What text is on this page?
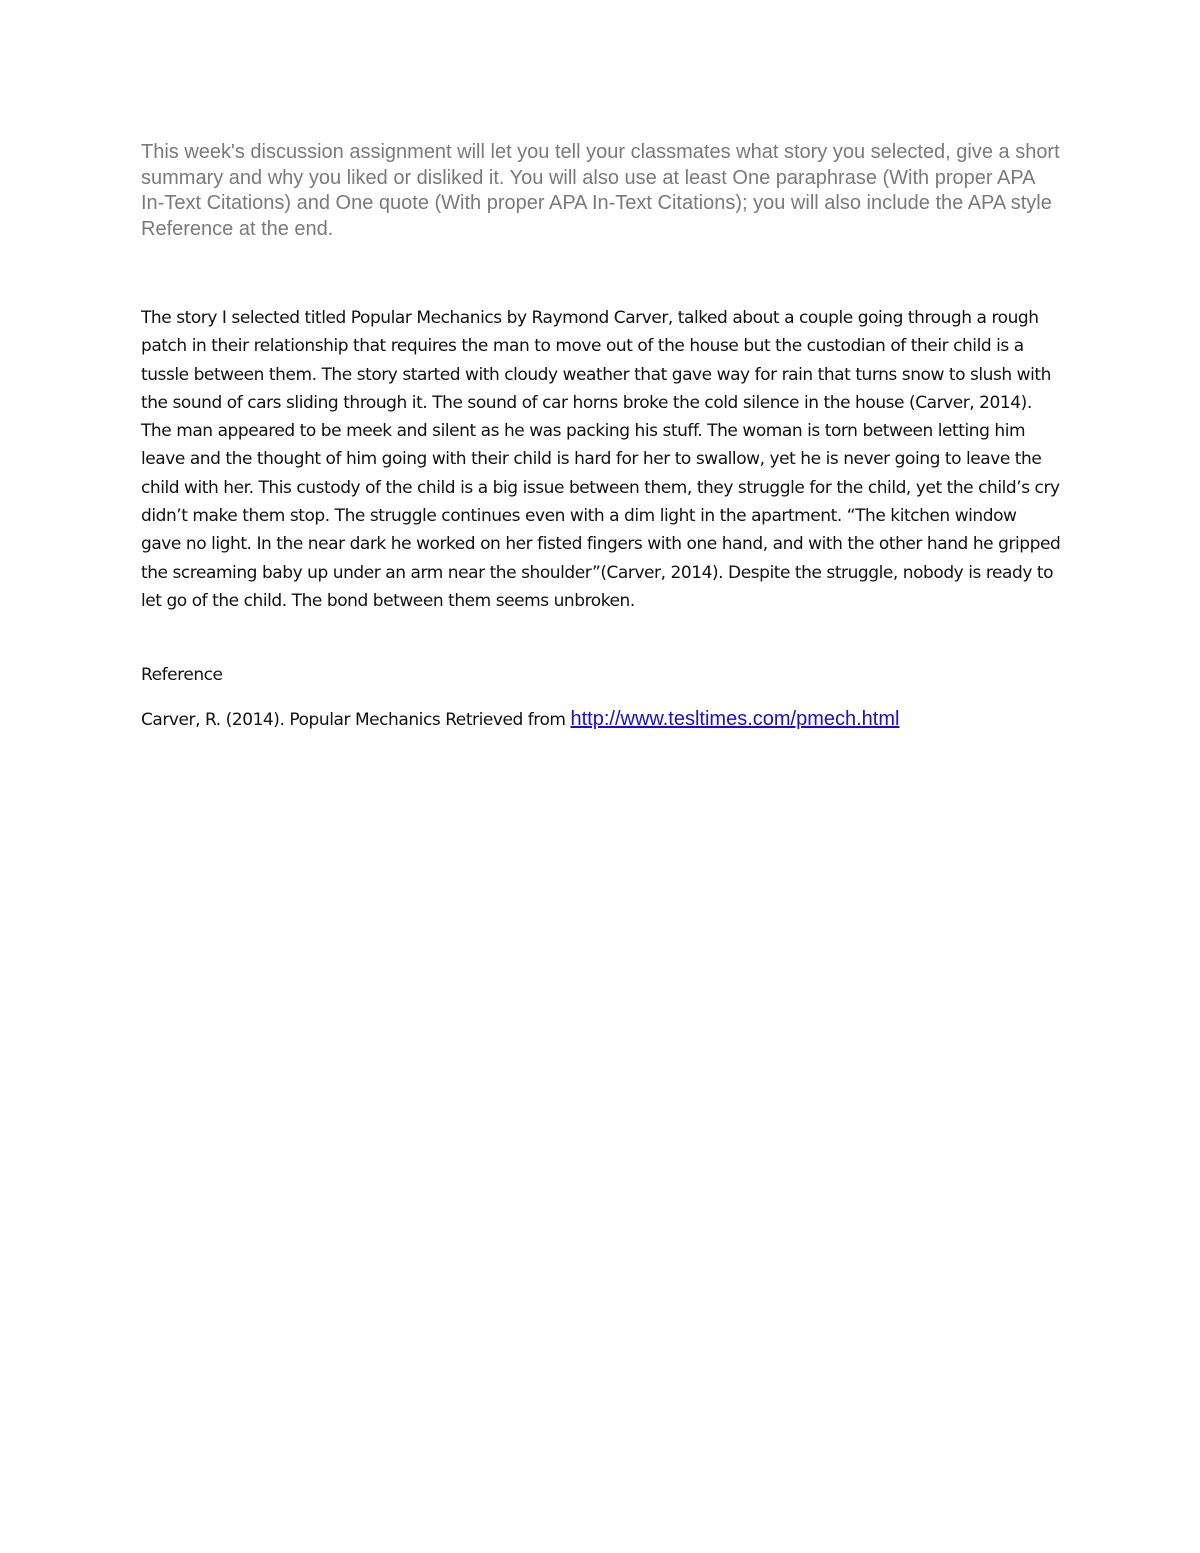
This week's discussion assignment will let you tell your classmates what story you selected, give a short summary and why you liked or disliked it. You will also use at least One paraphrase (With proper APA In-Text Citations) and One quote (With proper APA In-Text Citations); you will also include the APA style Reference at the end.

The story I selected titled Popular Mechanics by Raymond Carver, talked about a couple going through a rough patch in their relationship that requires the man to move out of the house but the custodian of their child is a tussle between them. The story started with cloudy weather that gave way for rain that turns snow to slush with the sound of cars sliding through it. The sound of car horns broke the cold silence in the house (Carver, 2014). The man appeared to be meek and silent as he was packing his stuff. The woman is torn between letting him leave and the thought of him going with their child is hard for her to swallow, yet he is never going to leave the child with her. This custody of the child is a big issue between them, they struggle for the child, yet the child’s cry didn’t make them stop. The struggle continues even with a dim light in the apartment. “The kitchen window gave no light. In the near dark he worked on her fisted fingers with one hand, and with the other hand he gripped the screaming baby up under an arm near the shoulder”(Carver, 2014). Despite the struggle, nobody is ready to let go of the child. The bond between them seems unbroken.

Reference

Carver, R. (2014). Popular Mechanics Retrieved from http://www.tesltimes.com/pmech.html
